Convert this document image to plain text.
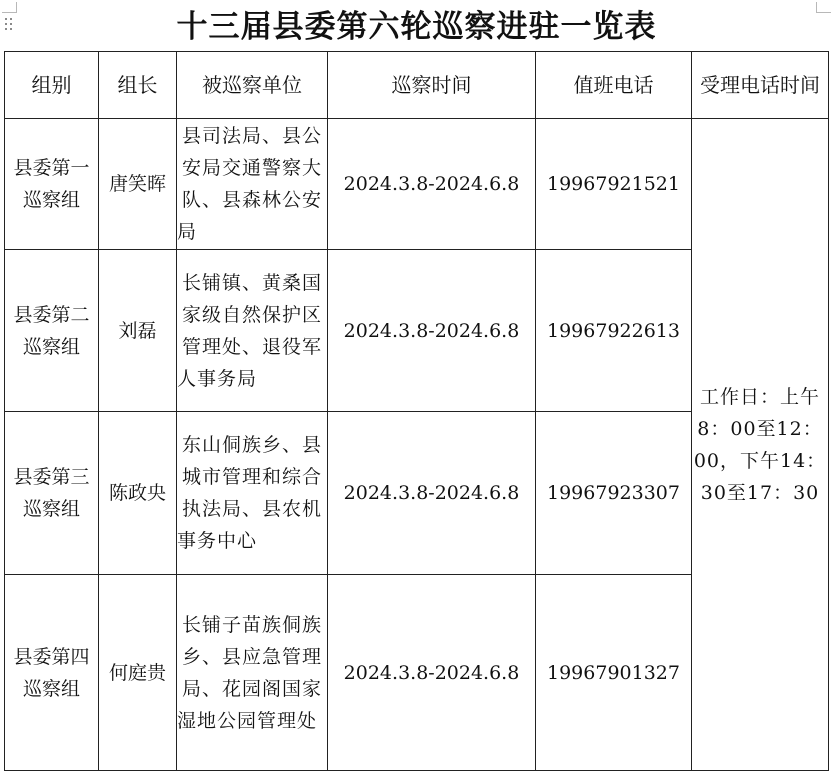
十三届县委第六轮巡察进驻一览表
组别	组长	被巡察单位	巡察时间	值班电话	受理电话时间
县委第一巡察组	唐笑晖	县司法局、县公安局交通警察大队、县森林公安局	2024.3.8-2024.6.8	19967921521	工作日：上午8：00至12：00，下午14：30至17：30
县委第二巡察组	刘磊	长铺镇、黄桑国家级自然保护区管理处、退役军人事务局	2024.3.8-2024.6.8	19967922613	
县委第三巡察组	陈政央	东山侗族乡、县城市管理和综合执法局、县农机事务中心	2024.3.8-2024.6.8	19967923307	
县委第四巡察组	何庭贵	长铺子苗族侗族乡、县应急管理局、花园阁国家湿地公园管理处	2024.3.8-2024.6.8	19967901327	
